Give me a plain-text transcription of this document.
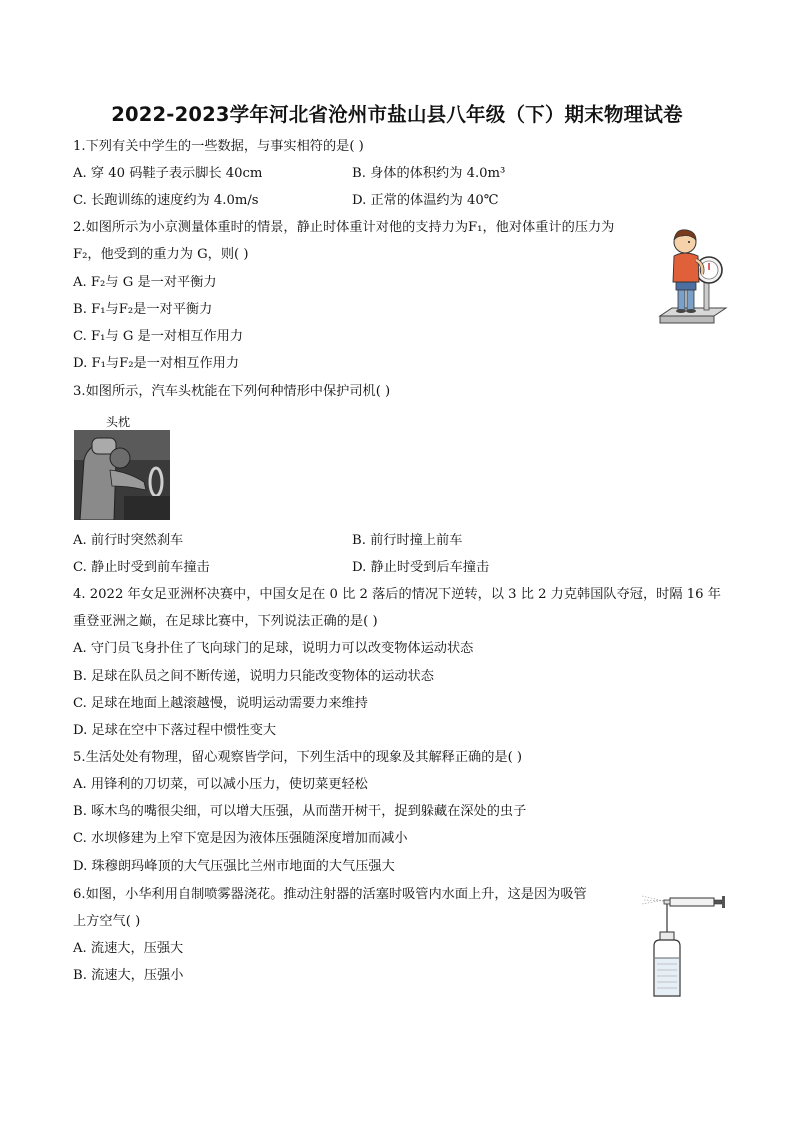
2022-2023学年河北省沧州市盐山县八年级（下）期末物理试卷
1.下列有关中学生的一些数据，与事实相符的是( )
A. 穿 40 码鞋子表示脚长 40cm	B. 身体的体积约为 4.0m³
C. 长跑训练的速度约为 4.0m/s	D. 正常的体温约为 40℃
2.如图所示为小京测量体重时的情景，静止时体重计对他的支持力为F₁，他对体重计的压力为
F₂，他受到的重力为 G，则( )
A. F₂与 G 是一对平衡力
B. F₁与F₂是一对平衡力
C. F₁与 G 是一对相互作用力
D. F₁与F₂是一对相互作用力
3.如图所示，汽车头枕能在下列何种情形中保护司机( )
头枕
A. 前行时突然刹车	B. 前行时撞上前车
C. 静止时受到前车撞击	D. 静止时受到后车撞击
4. 2022 年女足亚洲杯决赛中，中国女足在 0 比 2 落后的情况下逆转，以 3 比 2 力克韩国队夺冠，时隔 16 年
重登亚洲之巅，在足球比赛中，下列说法正确的是( )
A. 守门员飞身扑住了飞向球门的足球，说明力可以改变物体运动状态
B. 足球在队员之间不断传递，说明力只能改变物体的运动状态
C. 足球在地面上越滚越慢，说明运动需要力来维持
D. 足球在空中下落过程中惯性变大
5.生活处处有物理，留心观察皆学问，下列生活中的现象及其解释正确的是( )
A. 用锋利的刀切菜，可以减小压力，使切菜更轻松
B. 啄木鸟的嘴很尖细，可以增大压强，从而凿开树干，捉到躲藏在深处的虫子
C. 水坝修建为上窄下宽是因为液体压强随深度增加而减小
D. 珠穆朗玛峰顶的大气压强比兰州市地面的大气压强大
6.如图，小华利用自制喷雾器浇花。推动注射器的活塞时吸管内水面上升，这是因为吸管
上方空气( )
A. 流速大，压强大
B. 流速大，压强小
